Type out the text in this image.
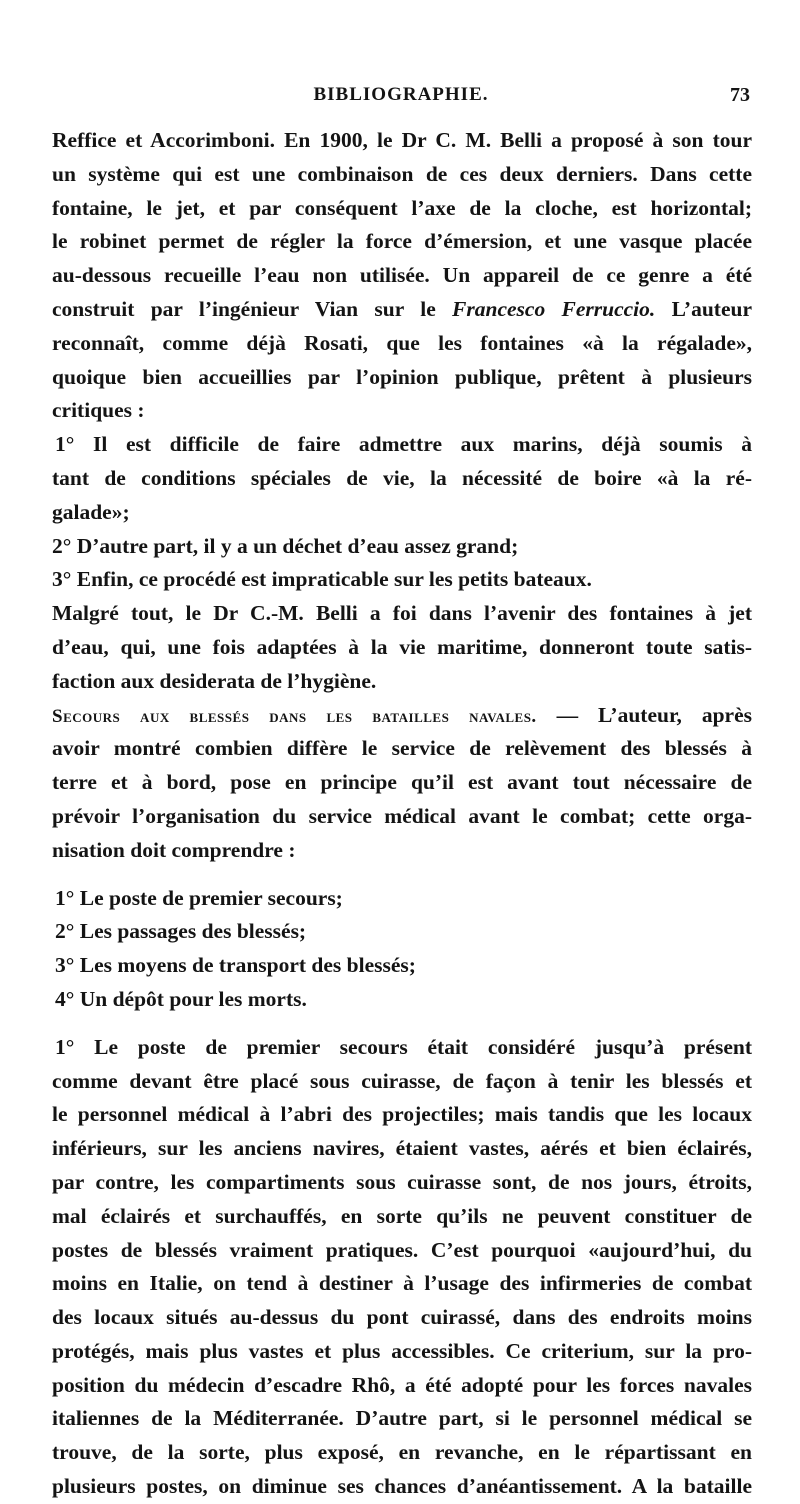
BIBLIOGRAPHIE.	73
Reffice et Accorimboni. En 1900, le Dr C. M. Belli a proposé à son tour
un système qui est une combinaison de ces deux derniers. Dans cette
fontaine, le jet, et par conséquent l’axe de la cloche, est horizontal;
le robinet permet de régler la force d’émersion, et une vasque placée
au-dessous recueille l’eau non utilisée. Un appareil de ce genre a été
construit par l’ingénieur Vian sur le Francesco Ferruccio. L’auteur
reconnaît, comme déjà Rosati, que les fontaines «à la régalade»,
quoique bien accueillies par l’opinion publique, prêtent à plusieurs
critiques :
1° Il est difficile de faire admettre aux marins, déjà soumis à
tant de conditions spéciales de vie, la nécessité de boire «à la ré-
galade»;
2° D’autre part, il y a un déchet d’eau assez grand;
3° Enfin, ce procédé est impraticable sur les petits bateaux.
Malgré tout, le Dr C.-M. Belli a foi dans l’avenir des fontaines à jet
d’eau, qui, une fois adaptées à la vie maritime, donneront toute satis-
faction aux desiderata de l’hygiène.
Secours aux blessés dans les batailles navales. — L’auteur, après
avoir montré combien diffère le service de relèvement des blessés à
terre et à bord, pose en principe qu’il est avant tout nécessaire de
prévoir l’organisation du service médical avant le combat; cette orga-
nisation doit comprendre :
1° Le poste de premier secours;
2° Les passages des blessés;
3° Les moyens de transport des blessés;
4° Un dépôt pour les morts.
1° Le poste de premier secours était considéré jusqu’à présent
comme devant être placé sous cuirasse, de façon à tenir les blessés et
le personnel médical à l’abri des projectiles; mais tandis que les locaux
inférieurs, sur les anciens navires, étaient vastes, aérés et bien éclairés,
par contre, les compartiments sous cuirasse sont, de nos jours, étroits,
mal éclairés et surchauffés, en sorte qu’ils ne peuvent constituer de
postes de blessés vraiment pratiques. C’est pourquoi «aujourd’hui, du
moins en Italie, on tend à destiner à l’usage des infirmeries de combat
des locaux situés au-dessus du pont cuirassé, dans des endroits moins
protégés, mais plus vastes et plus accessibles. Ce criterium, sur la pro-
position du médecin d’escadre Rhô, a été adopté pour les forces navales
italiennes de la Méditerranée. D’autre part, si le personnel médical se
trouve, de la sorte, plus exposé, en revanche, en le répartissant en
plusieurs postes, on diminue ses chances d’anéantissement. A la bataille
